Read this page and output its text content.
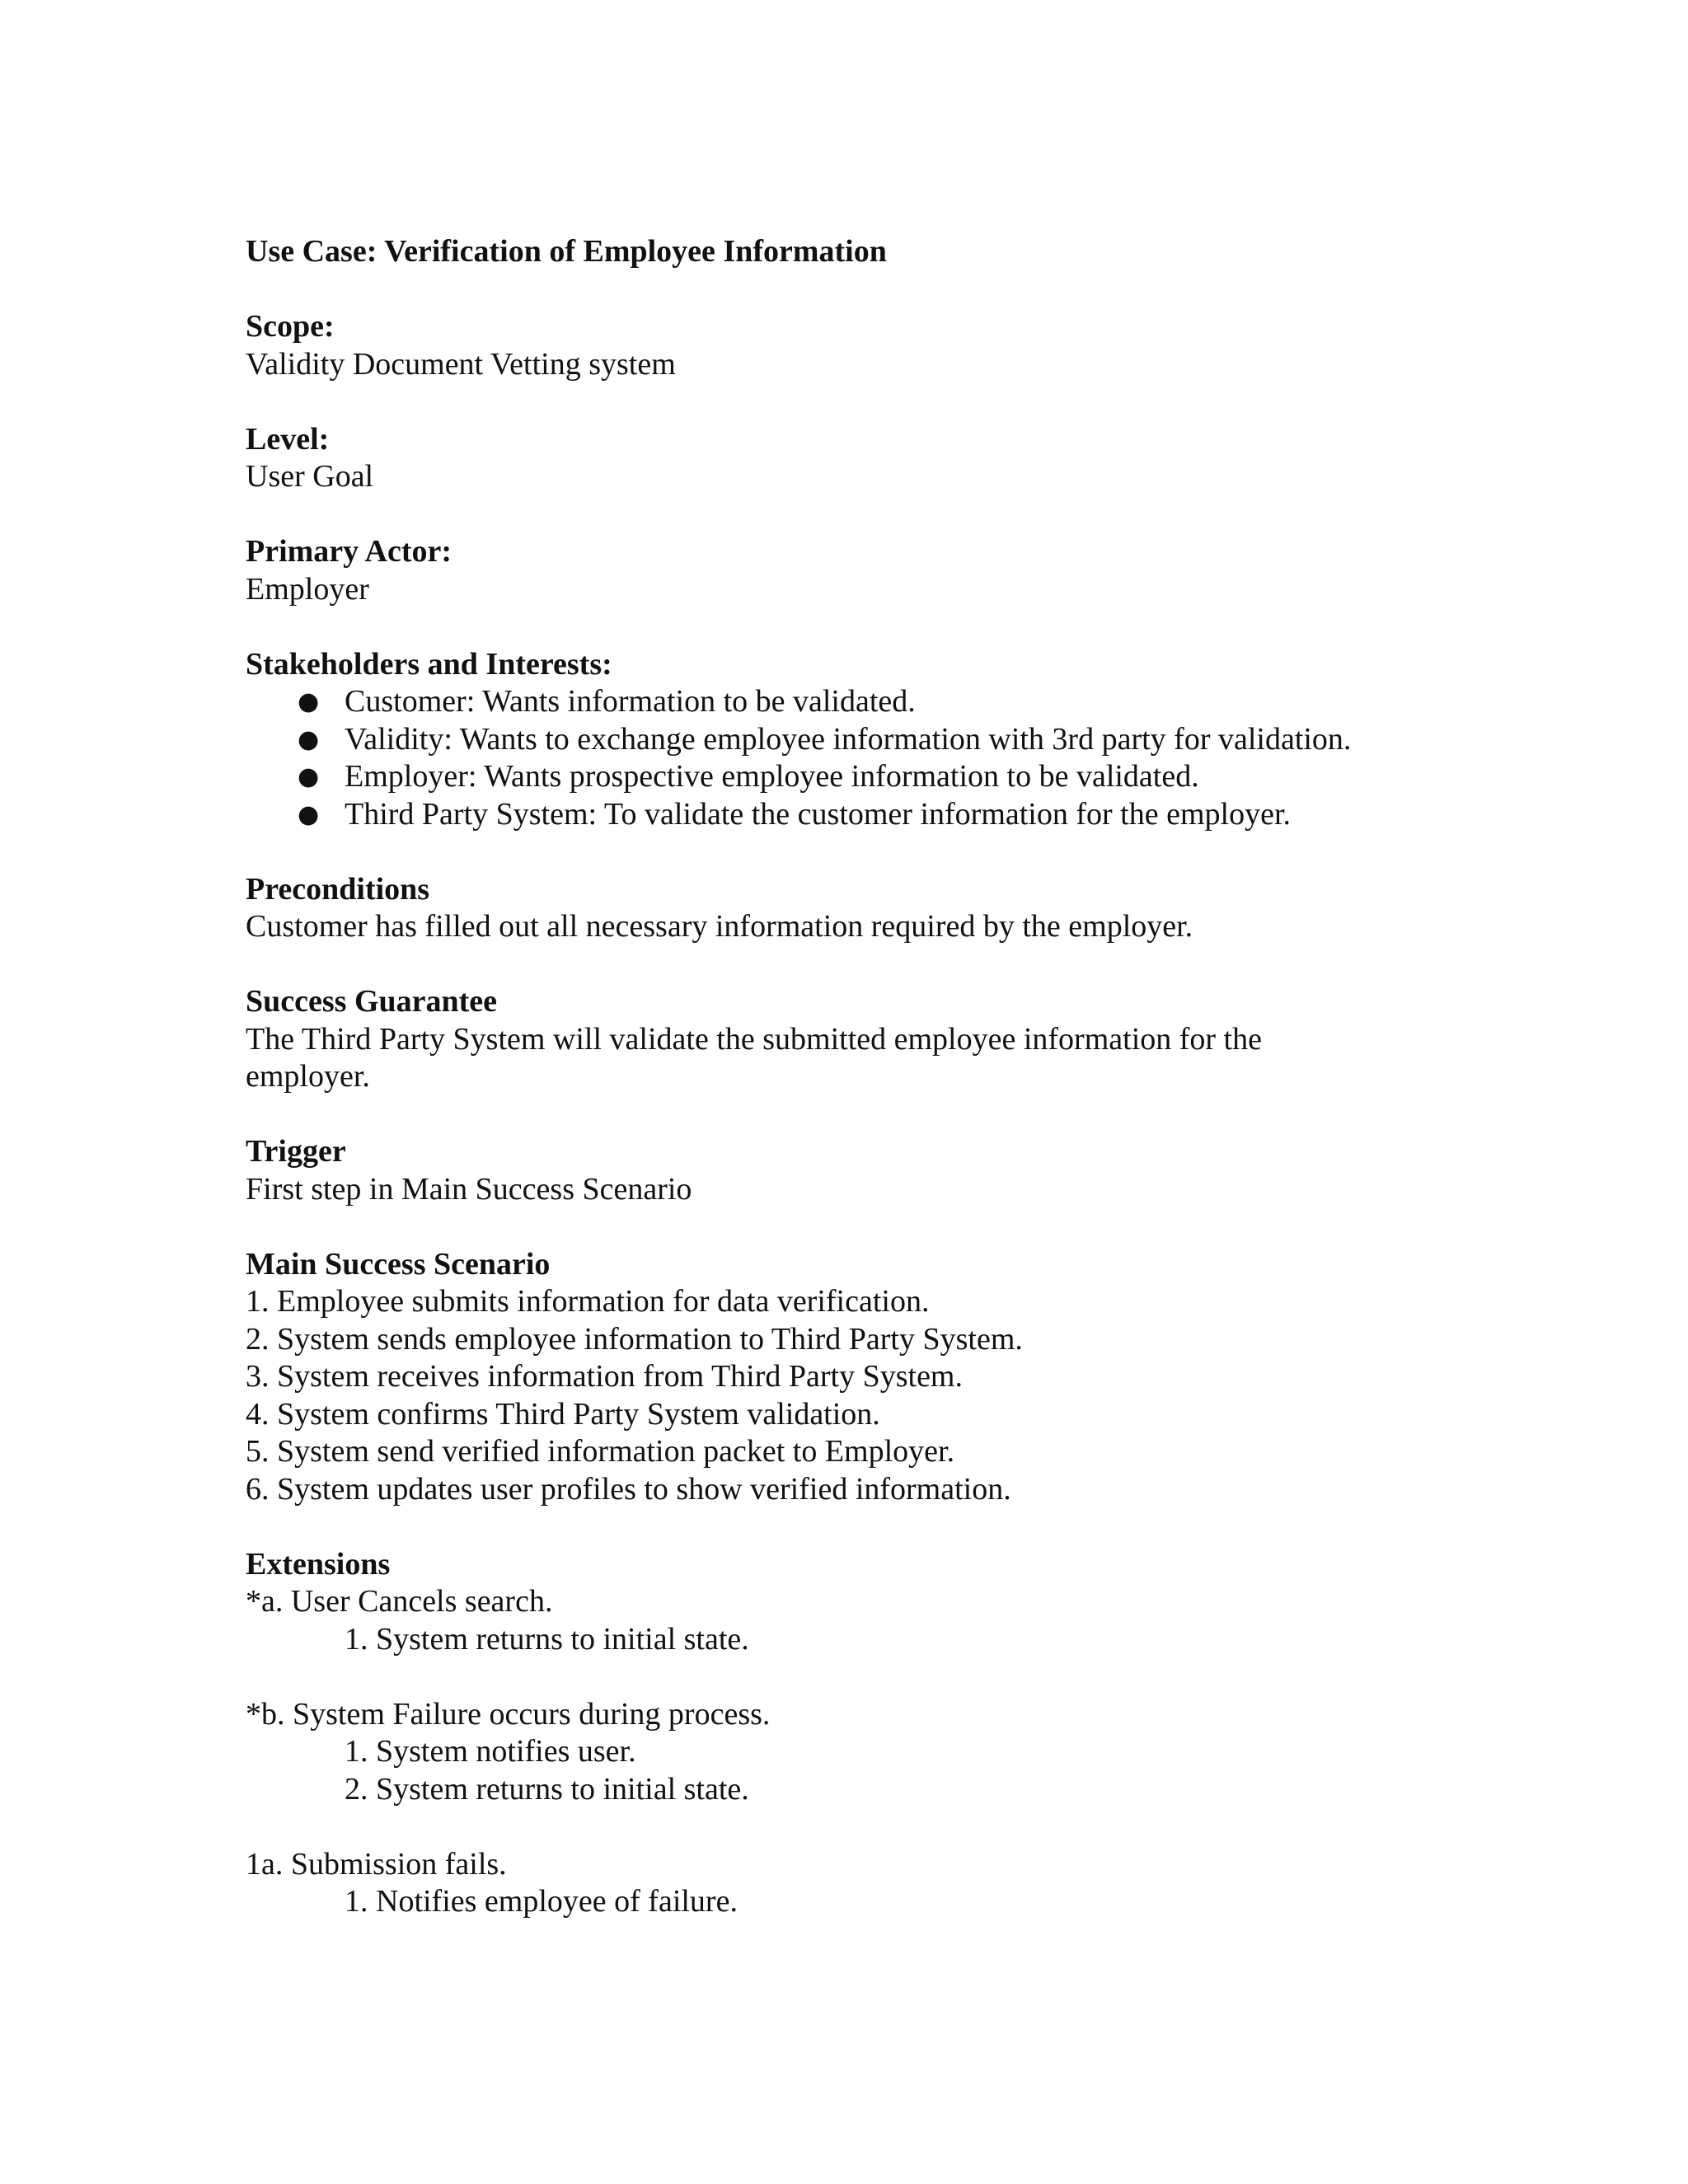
Use Case: Verification of Employee Information
Scope:
Validity Document Vetting system
Level:
User Goal
Primary Actor:
Employer
Stakeholders and Interests:
● Customer: Wants information to be validated.
● Validity: Wants to exchange employee information with 3rd party for validation.
● Employer: Wants prospective employee information to be validated.
● Third Party System: To validate the customer information for the employer.
Preconditions
Customer has filled out all necessary information required by the employer.
Success Guarantee
The Third Party System will validate the submitted employee information for the
employer.
Trigger
First step in Main Success Scenario
Main Success Scenario
1. Employee submits information for data verification.
2. System sends employee information to Third Party System.
3. System receives information from Third Party System.
4. System confirms Third Party System validation.
5. System send verified information packet to Employer.
6. System updates user profiles to show verified information.
Extensions
*a. User Cancels search.
1. System returns to initial state.
*b. System Failure occurs during process.
1. System notifies user.
2. System returns to initial state.
1a. Submission fails.
1. Notifies employee of failure.
